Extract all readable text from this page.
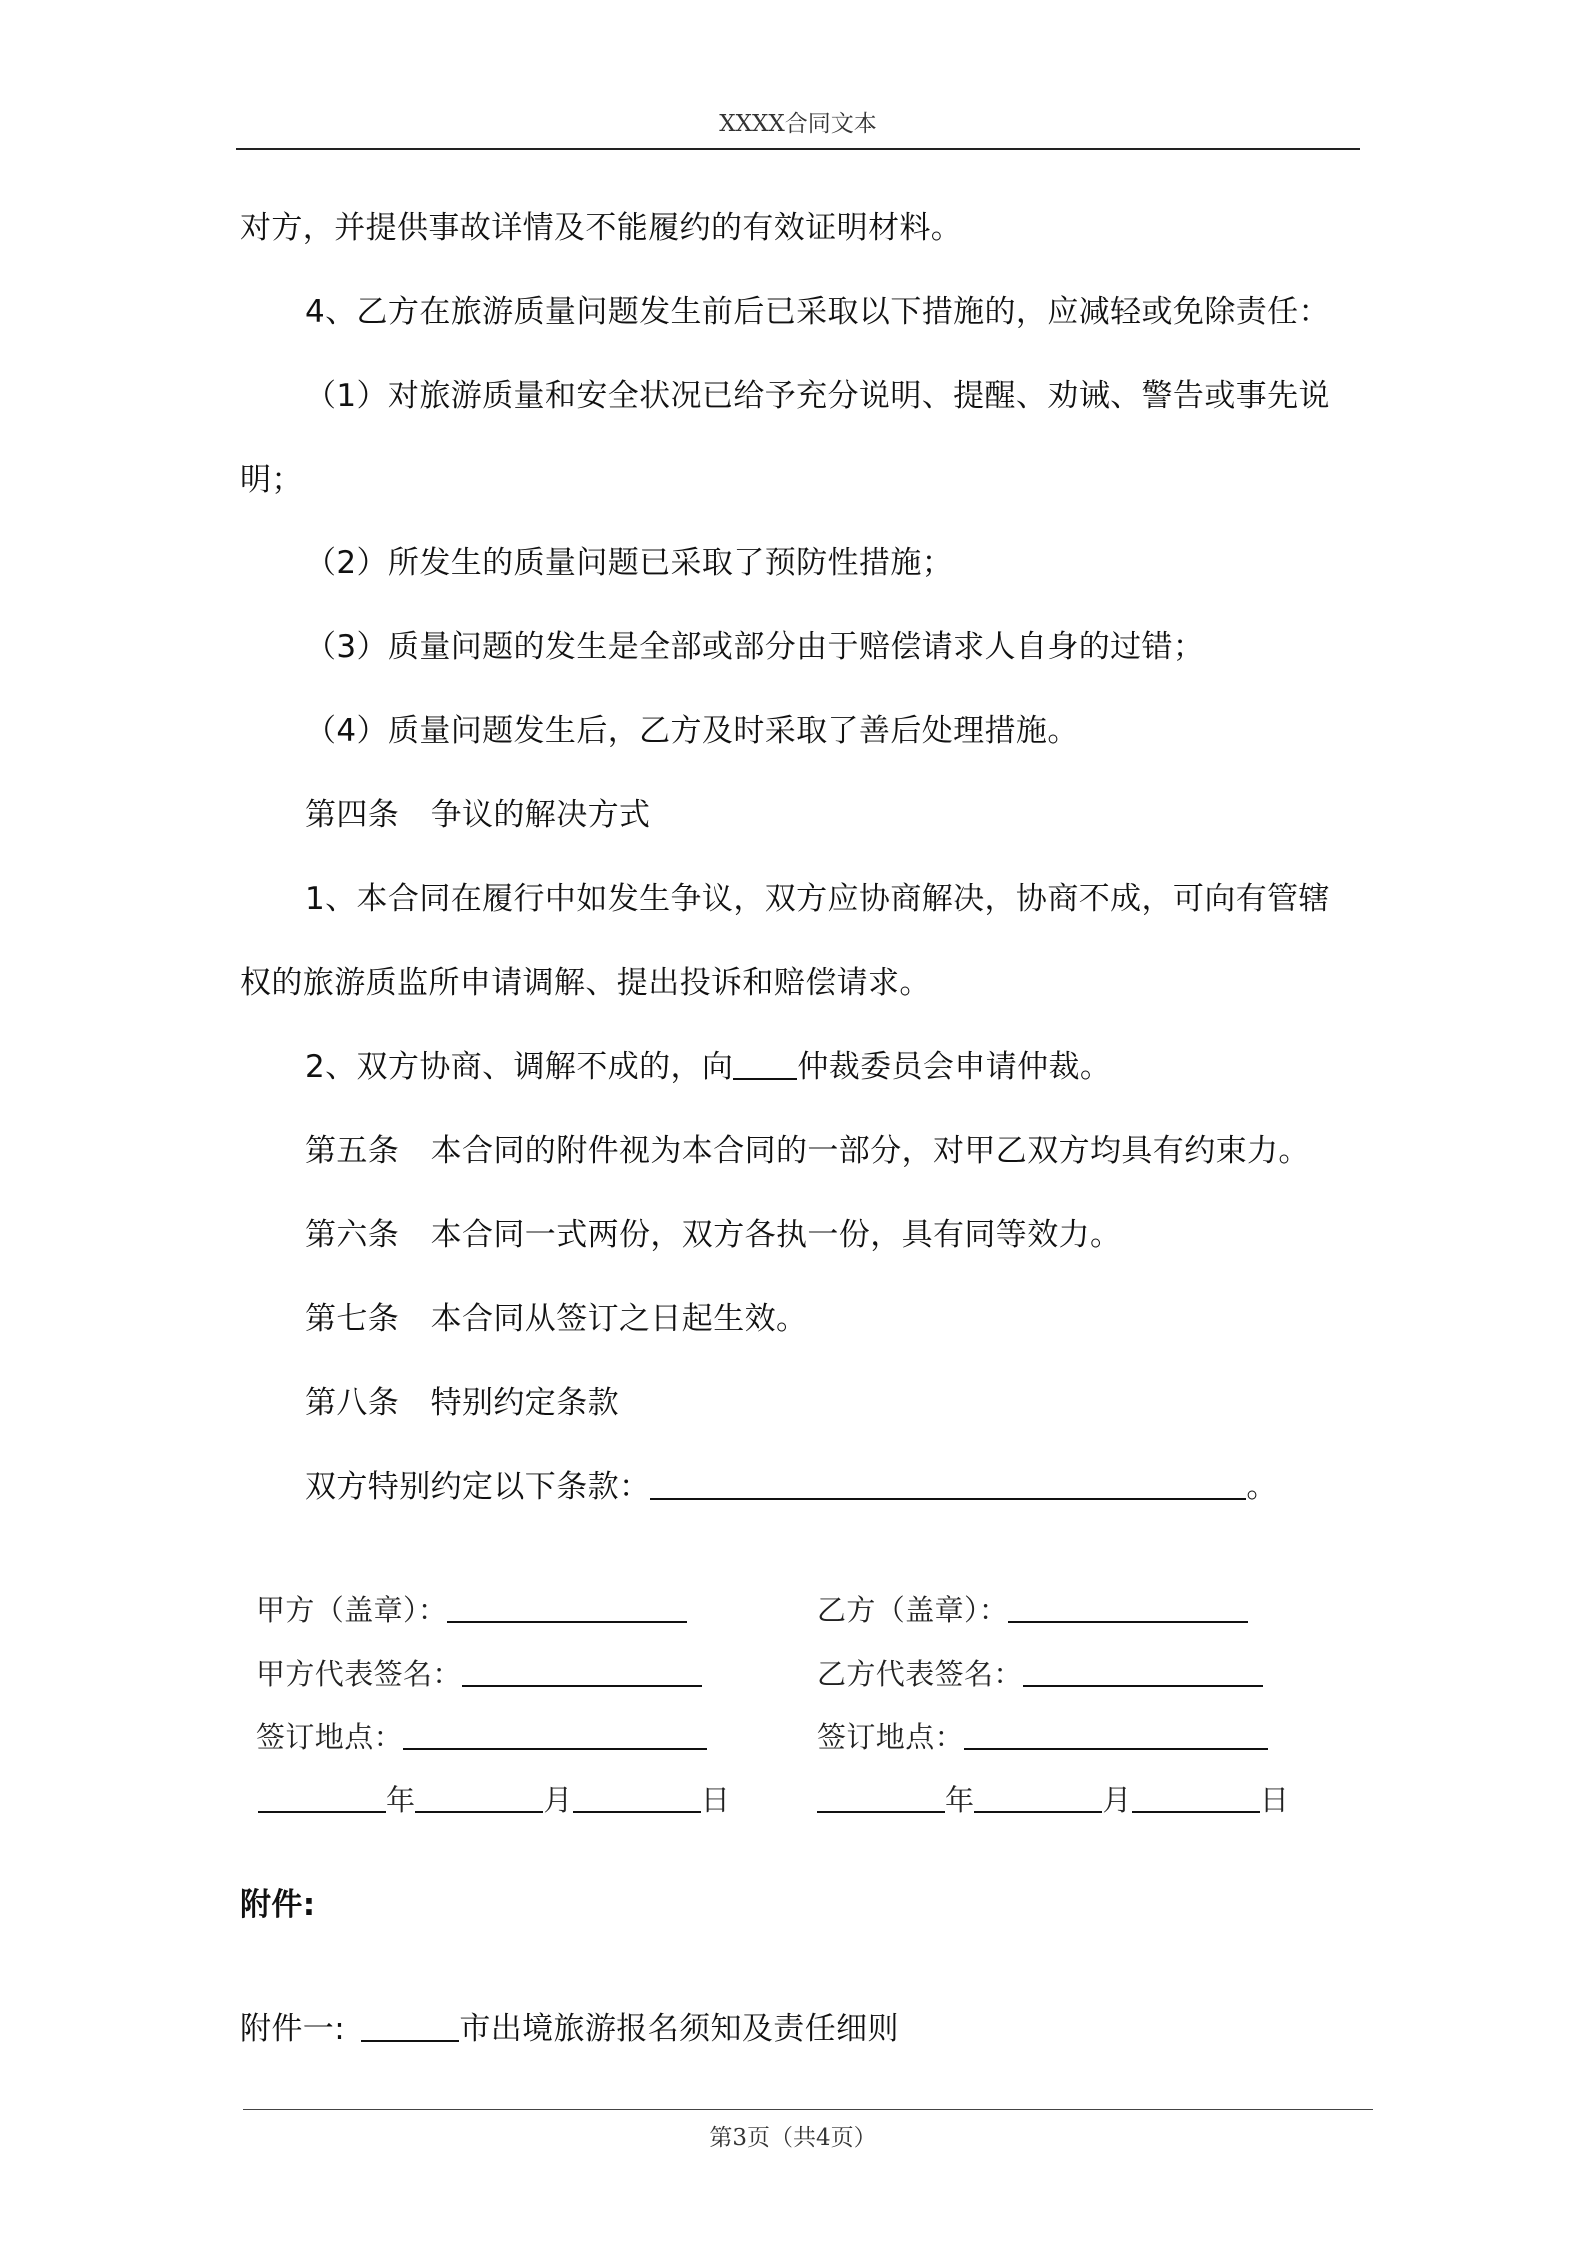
XXXX合同文本
对方，并提供事故详情及不能履约的有效证明材料。
4、乙方在旅游质量问题发生前后已采取以下措施的，应减轻或免除责任：
（1）对旅游质量和安全状况已给予充分说明、提醒、劝诫、警告或事先说
明；
（2）所发生的质量问题已采取了预防性措施；
（3）质量问题的发生是全部或部分由于赔偿请求人自身的过错；
（4）质量问题发生后，乙方及时采取了善后处理措施。
第四条　争议的解决方式
1、本合同在履行中如发生争议，双方应协商解决，协商不成，可向有管辖
权的旅游质监所申请调解、提出投诉和赔偿请求。
2、双方协商、调解不成的，向 仲裁委员会申请仲裁。
第五条　本合同的附件视为本合同的一部分，对甲乙双方均具有约束力。
第六条　本合同一式两份，双方各执一份，具有同等效力。
第七条　本合同从签订之日起生效。
第八条　特别约定条款
双方特别约定以下条款：	。
甲方（盖章）：	乙方（盖章）：
甲方代表签名：	乙方代表签名：
签订地点：	签订地点：
年	月	日	年	月	日
附件:
附件一:	市出境旅游报名须知及责任细则
第3页（共4页）
